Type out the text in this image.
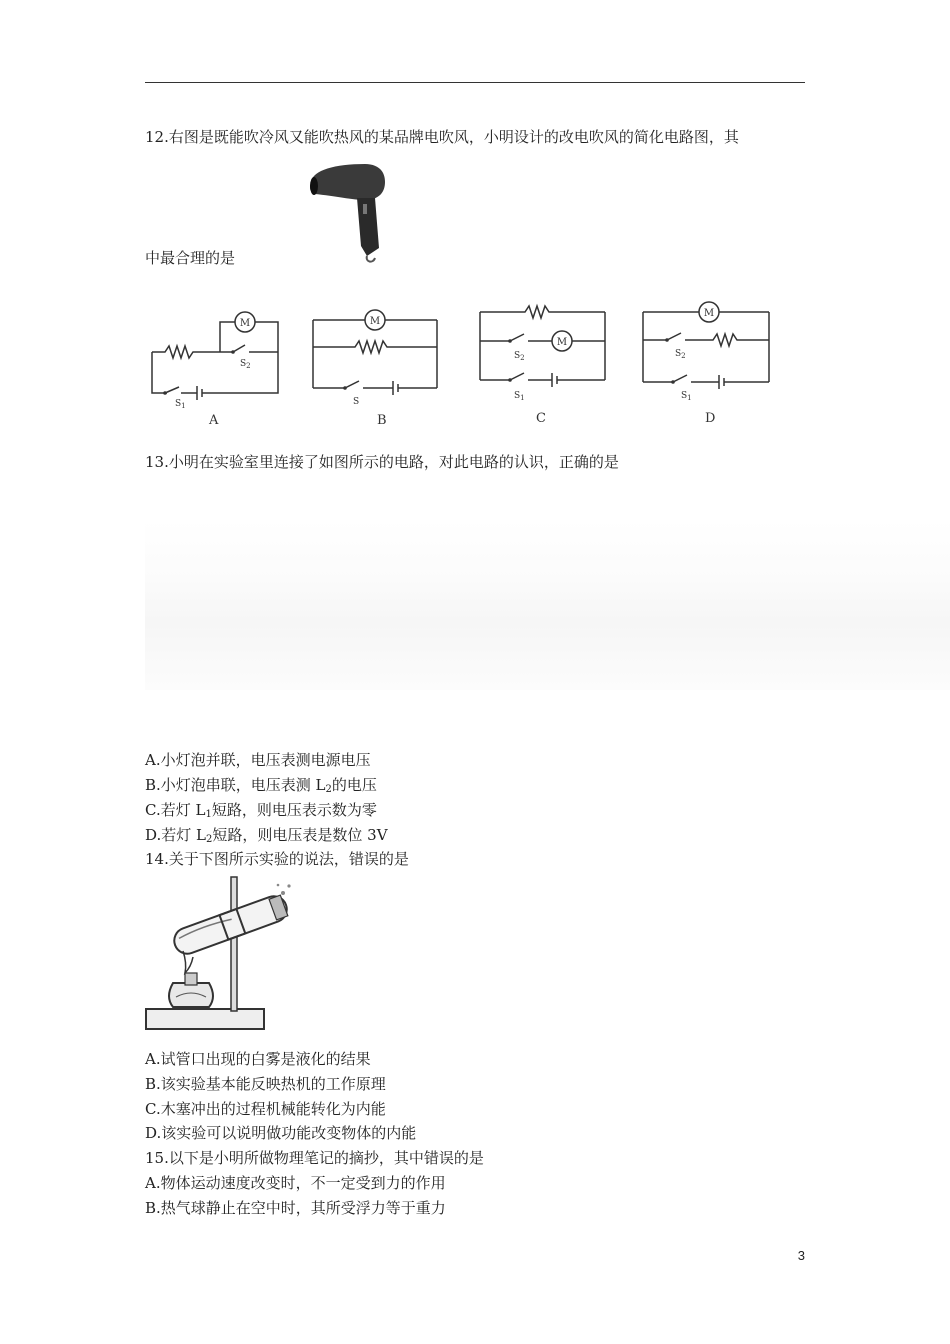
12.右图是既能吹冷风又能吹热风的某品牌电吹风，小明设计的改电吹风的简化电路图，其
中最合理的是
M
$S_2$
$S_1$
A
M
S
B
M
$S_2$
$S_1$
C
M
$S_2$
$S_1$
D
13.小明在实验室里连接了如图所示的电路，对此电路的认识，正确的是
A.小灯泡并联，电压表测电源电压
B.小灯泡串联，电压表测 $L_2$的电压
C.若灯 $L_1$短路，则电压表示数为零
D.若灯 $L_2$短路，则电压表是数位 3V
14.关于下图所示实验的说法，错误的是
A.试管口出现的白雾是液化的结果
B.该实验基本能反映热机的工作原理
C.木塞冲出的过程机械能转化为内能
D.该实验可以说明做功能改变物体的内能
15.以下是小明所做物理笔记的摘抄，其中错误的是
A.物体运动速度改变时，不一定受到力的作用
B.热气球静止在空中时，其所受浮力等于重力
3
